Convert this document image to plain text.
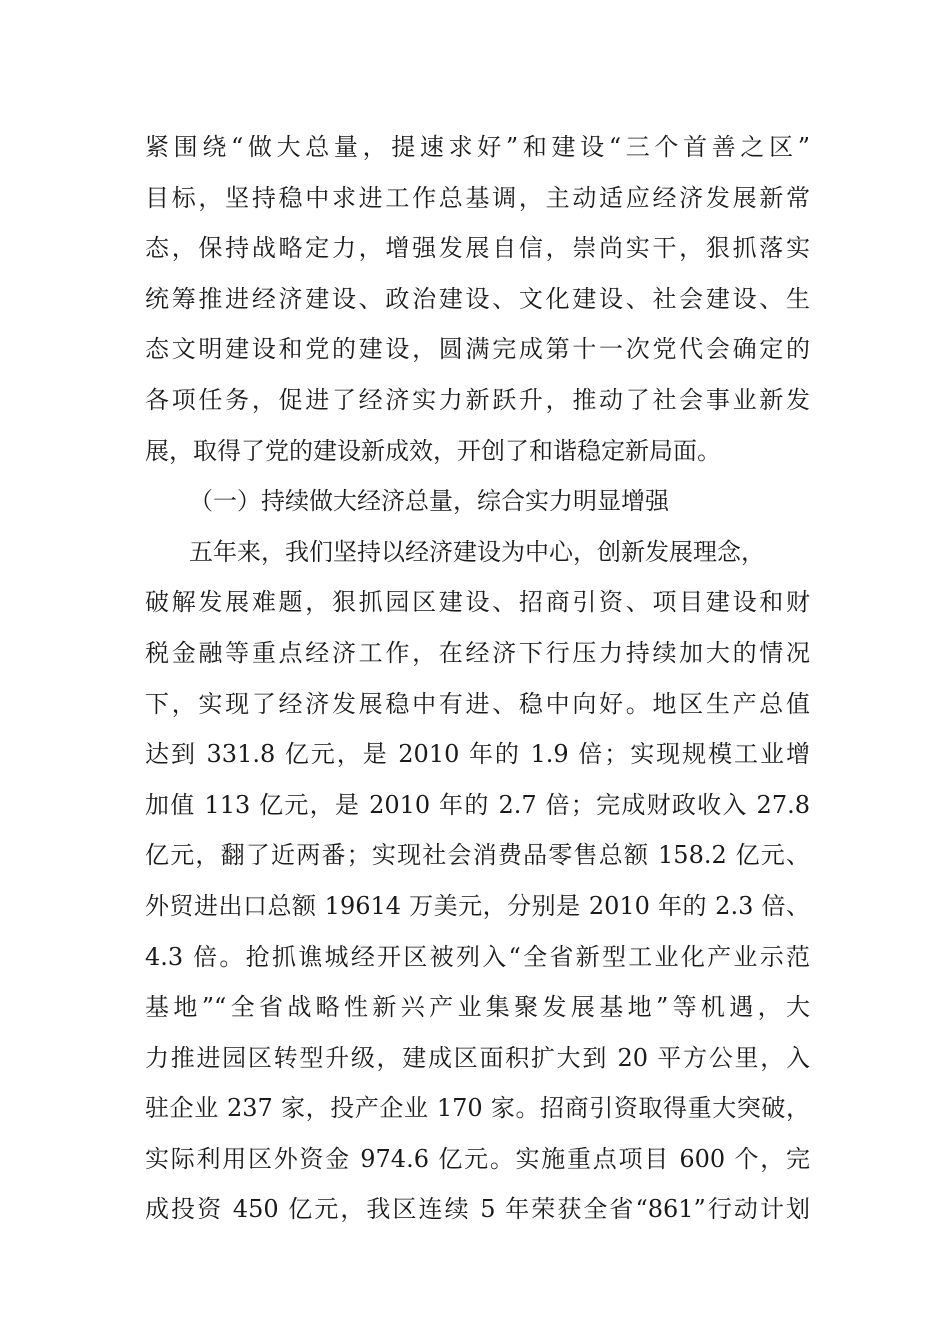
紧围绕“做大总量，提速求好”和建设“三个首善之区”
目标，坚持稳中求进工作总基调，主动适应经济发展新常
态，保持战略定力，增强发展自信，崇尚实干，狠抓落实
统筹推进经济建设、政治建设、文化建设、社会建设、生
态文明建设和党的建设，圆满完成第十一次党代会确定的
各项任务，促进了经济实力新跃升，推动了社会事业新发
展，取得了党的建设新成效，开创了和谐稳定新局面。
（一）持续做大经济总量，综合实力明显增强
五年来，我们坚持以经济建设为中心，创新发展理念，
破解发展难题，狠抓园区建设、招商引资、项目建设和财
税金融等重点经济工作，在经济下行压力持续加大的情况
下，实现了经济发展稳中有进、稳中向好。地区生产总值
达到 331.8 亿元，是 2010 年的 1.9 倍；实现规模工业增
加值 113 亿元，是 2010 年的 2.7 倍；完成财政收入 27.8
亿元，翻了近两番；实现社会消费品零售总额 158.2 亿元、
外贸进出口总额 19614 万美元，分别是 2010 年的 2.3 倍、
4.3 倍。抢抓谯城经开区被列入“全省新型工业化产业示范
基地”“全省战略性新兴产业集聚发展基地”等机遇，大
力推进园区转型升级，建成区面积扩大到 20 平方公里，入
驻企业 237 家，投产企业 170 家。招商引资取得重大突破，
实际利用区外资金 974.6 亿元。实施重点项目 600 个，完
成投资 450 亿元，我区连续 5 年荣获全省“861”行动计划
